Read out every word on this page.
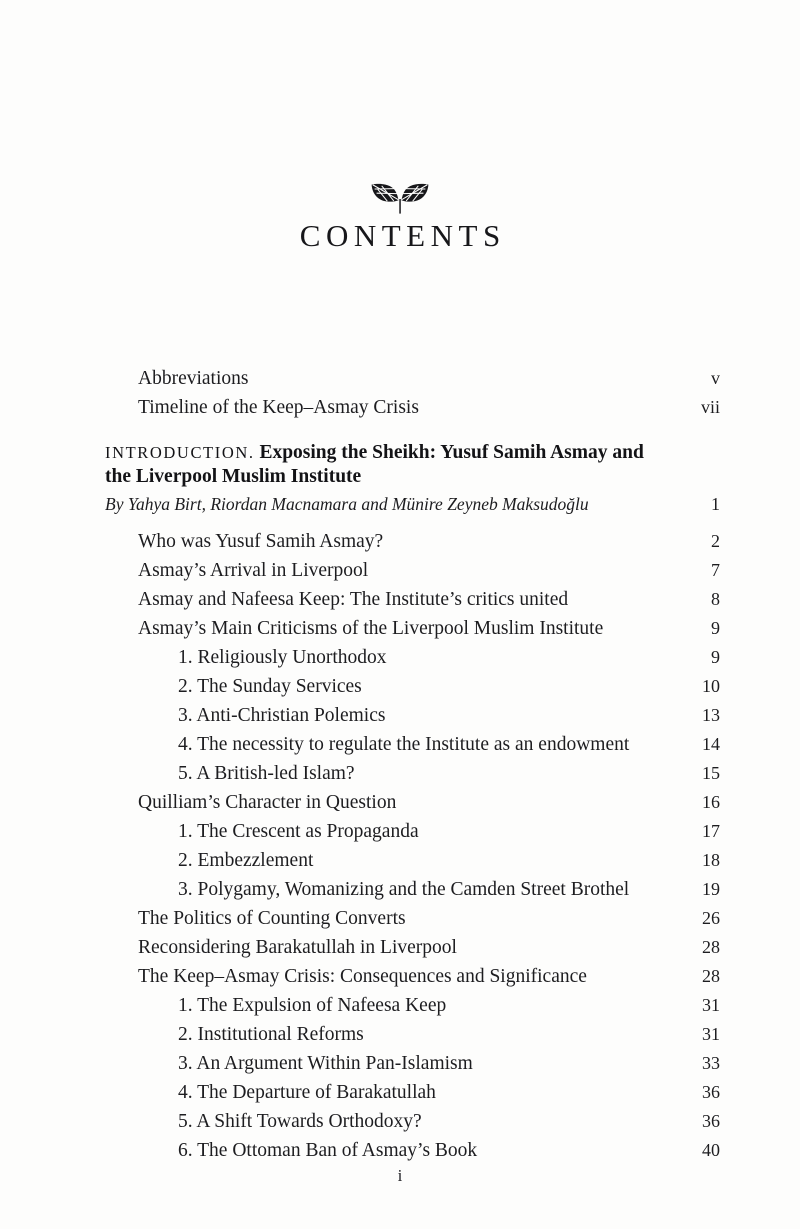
CONTENTS
Abbreviations	v
Timeline of the Keep–Asmay Crisis	vii
INTRODUCTION. Exposing the Sheikh: Yusuf Samih Asmay and the Liverpool Muslim Institute
By Yahya Birt, Riordan Macnamara and Münire Zeyneb Maksudoğlu	1
Who was Yusuf Samih Asmay?	2
Asmay’s Arrival in Liverpool	7
Asmay and Nafeesa Keep: The Institute’s critics united	8
Asmay’s Main Criticisms of the Liverpool Muslim Institute	9
1. Religiously Unorthodox	9
2. The Sunday Services	10
3. Anti-Christian Polemics	13
4. The necessity to regulate the Institute as an endowment	14
5. A British-led Islam?	15
Quilliam’s Character in Question	16
1. The Crescent as Propaganda	17
2. Embezzlement	18
3. Polygamy, Womanizing and the Camden Street Brothel	19
The Politics of Counting Converts	26
Reconsidering Barakatullah in Liverpool	28
The Keep–Asmay Crisis: Consequences and Significance	28
1. The Expulsion of Nafeesa Keep	31
2. Institutional Reforms	31
3. An Argument Within Pan-Islamism	33
4. The Departure of Barakatullah	36
5. A Shift Towards Orthodoxy?	36
6. The Ottoman Ban of Asmay’s Book	40
i
